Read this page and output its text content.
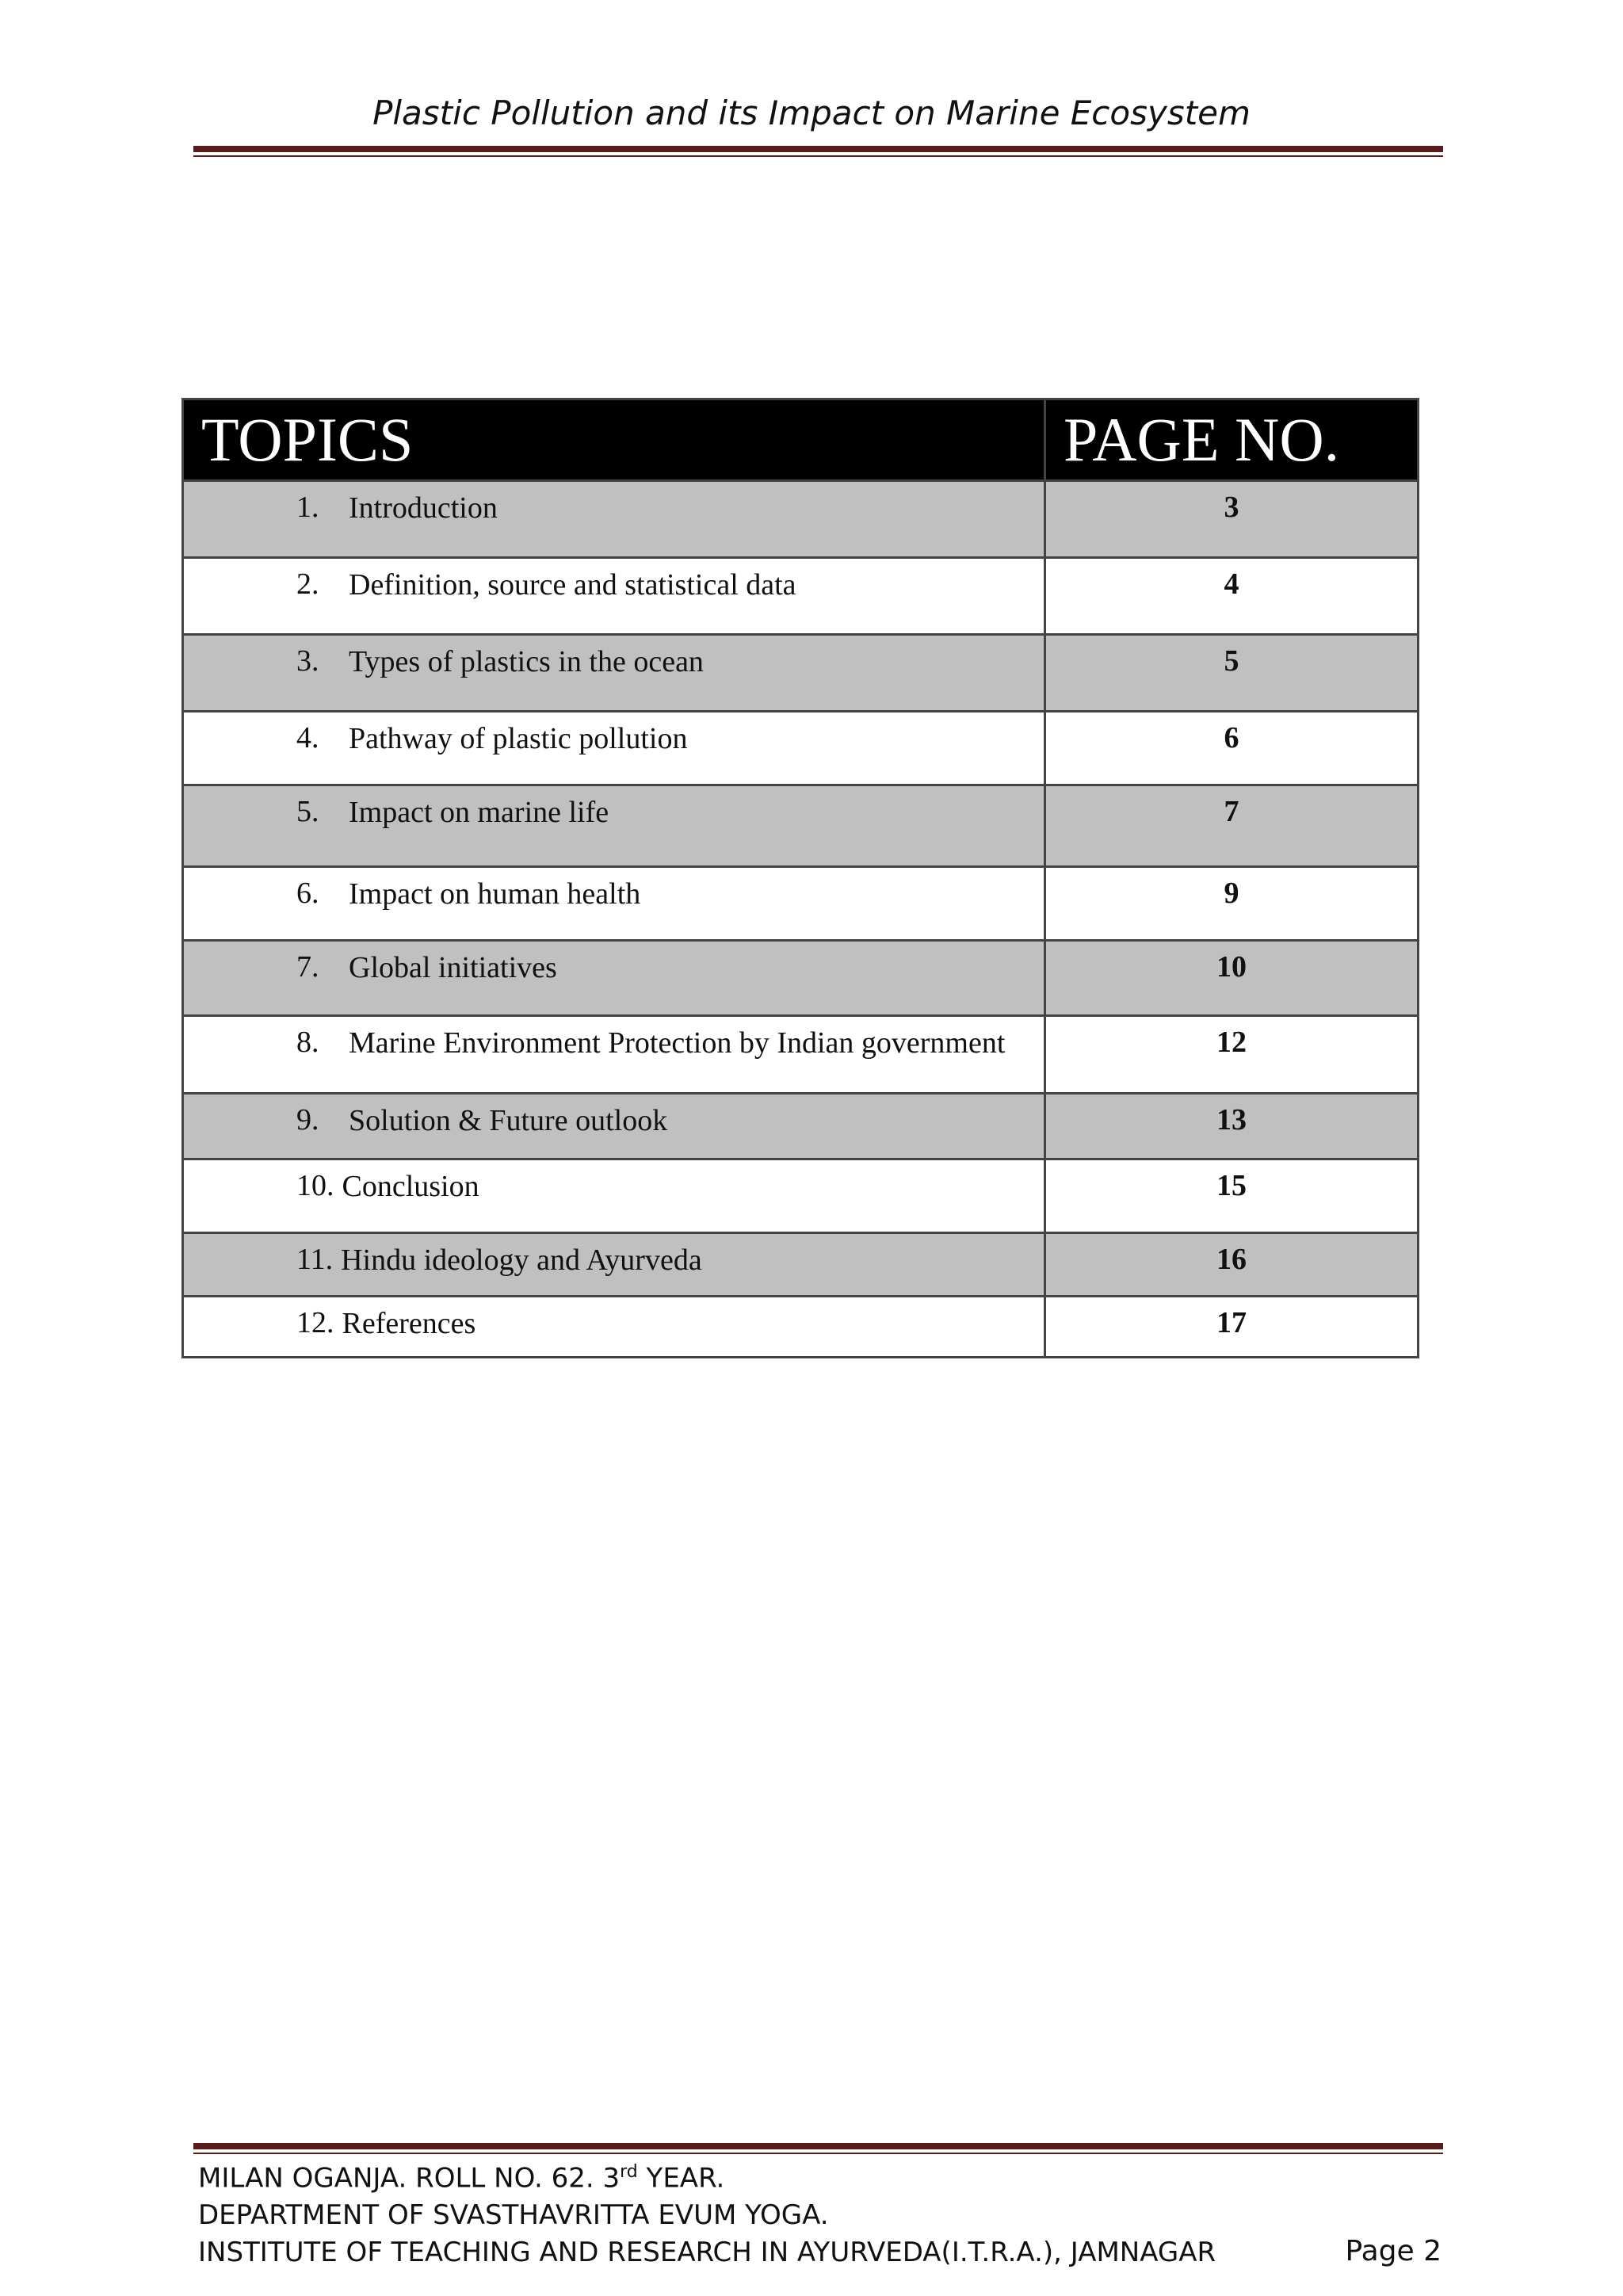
Plastic Pollution and its Impact on Marine Ecosystem
TOPICS	PAGE NO.

1. Introduction	3

2. Definition, source and statistical data	4

3. Types of plastics in the ocean	5

4. Pathway of plastic pollution	6

5. Impact on marine life	7

6. Impact on human health	9

7. Global initiatives	10

8. Marine Environment Protection by Indian government	12

9. Solution & Future outlook	13

10. Conclusion	15

11. Hindu ideology and Ayurveda	16

12. References	17
MILAN OGANJA. ROLL NO. 62. 3rd YEAR.
DEPARTMENT OF SVASTHAVRITTA EVUM YOGA.
INSTITUTE OF TEACHING AND RESEARCH IN AYURVEDA(I.T.R.A.), JAMNAGAR	Page 2
